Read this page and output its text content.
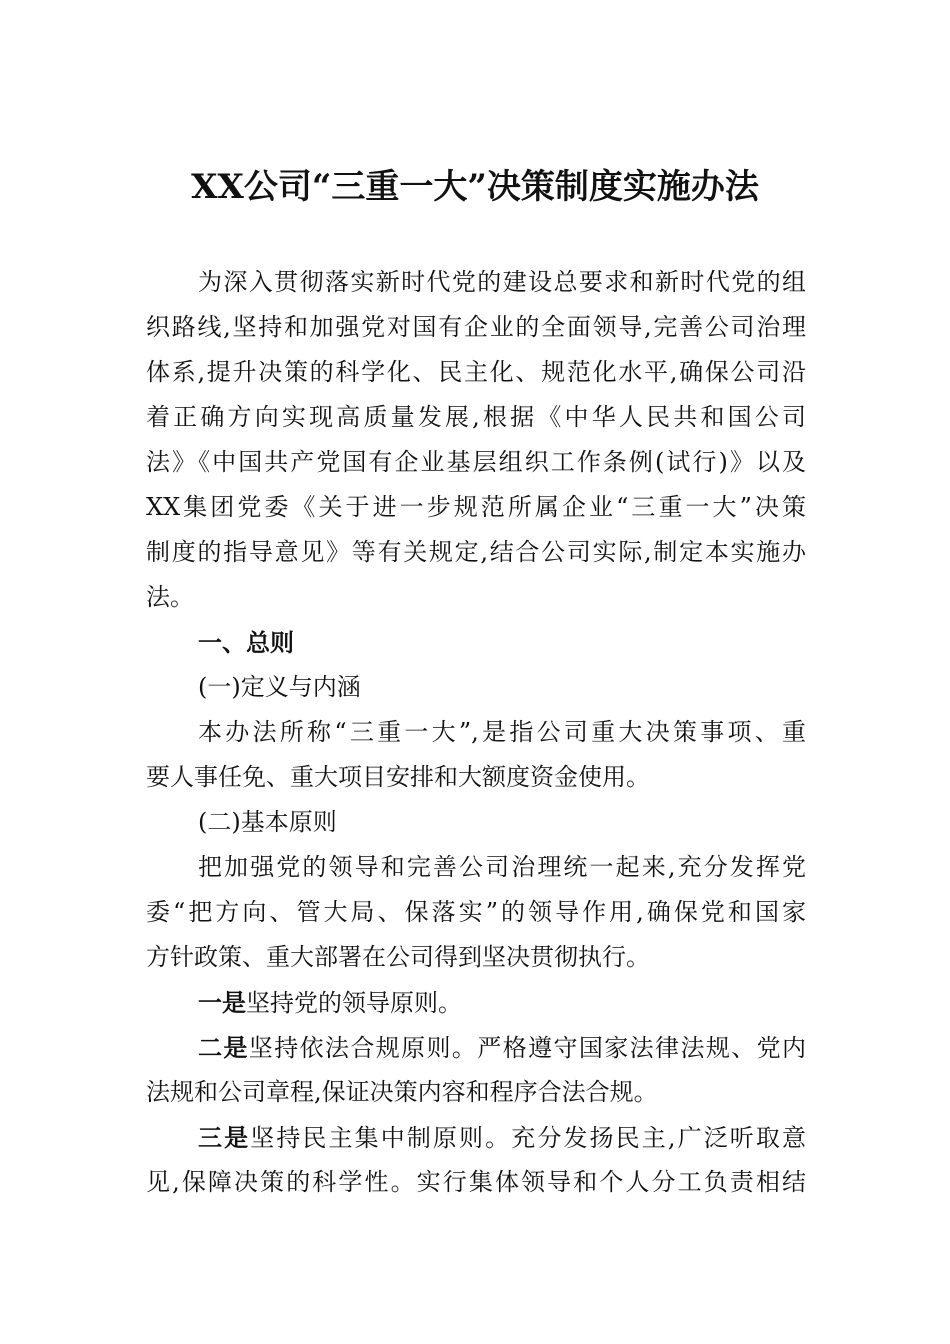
XX公司“三重一大”决策制度实施办法
为深入贯彻落实新时代党的建设总要求和新时代党的组
织路线,坚持和加强党对国有企业的全面领导,完善公司治理
体系,提升决策的科学化、民主化、规范化水平,确保公司沿
着正确方向实现高质量发展,根据《中华人民共和国公司
法》《中国共产党国有企业基层组织工作条例(试行)》以及
XX集团党委《关于进一步规范所属企业“三重一大”决策
制度的指导意见》等有关规定,结合公司实际,制定本实施办
法。
一、总则
(一)定义与内涵
本办法所称“三重一大”,是指公司重大决策事项、重
要人事任免、重大项目安排和大额度资金使用。
(二)基本原则
把加强党的领导和完善公司治理统一起来,充分发挥党
委“把方向、管大局、保落实”的领导作用,确保党和国家
方针政策、重大部署在公司得到坚决贯彻执行。
一是坚持党的领导原则。
二是坚持依法合规原则。严格遵守国家法律法规、党内
法规和公司章程,保证决策内容和程序合法合规。
三是坚持民主集中制原则。充分发扬民主,广泛听取意
见,保障决策的科学性。实行集体领导和个人分工负责相结
